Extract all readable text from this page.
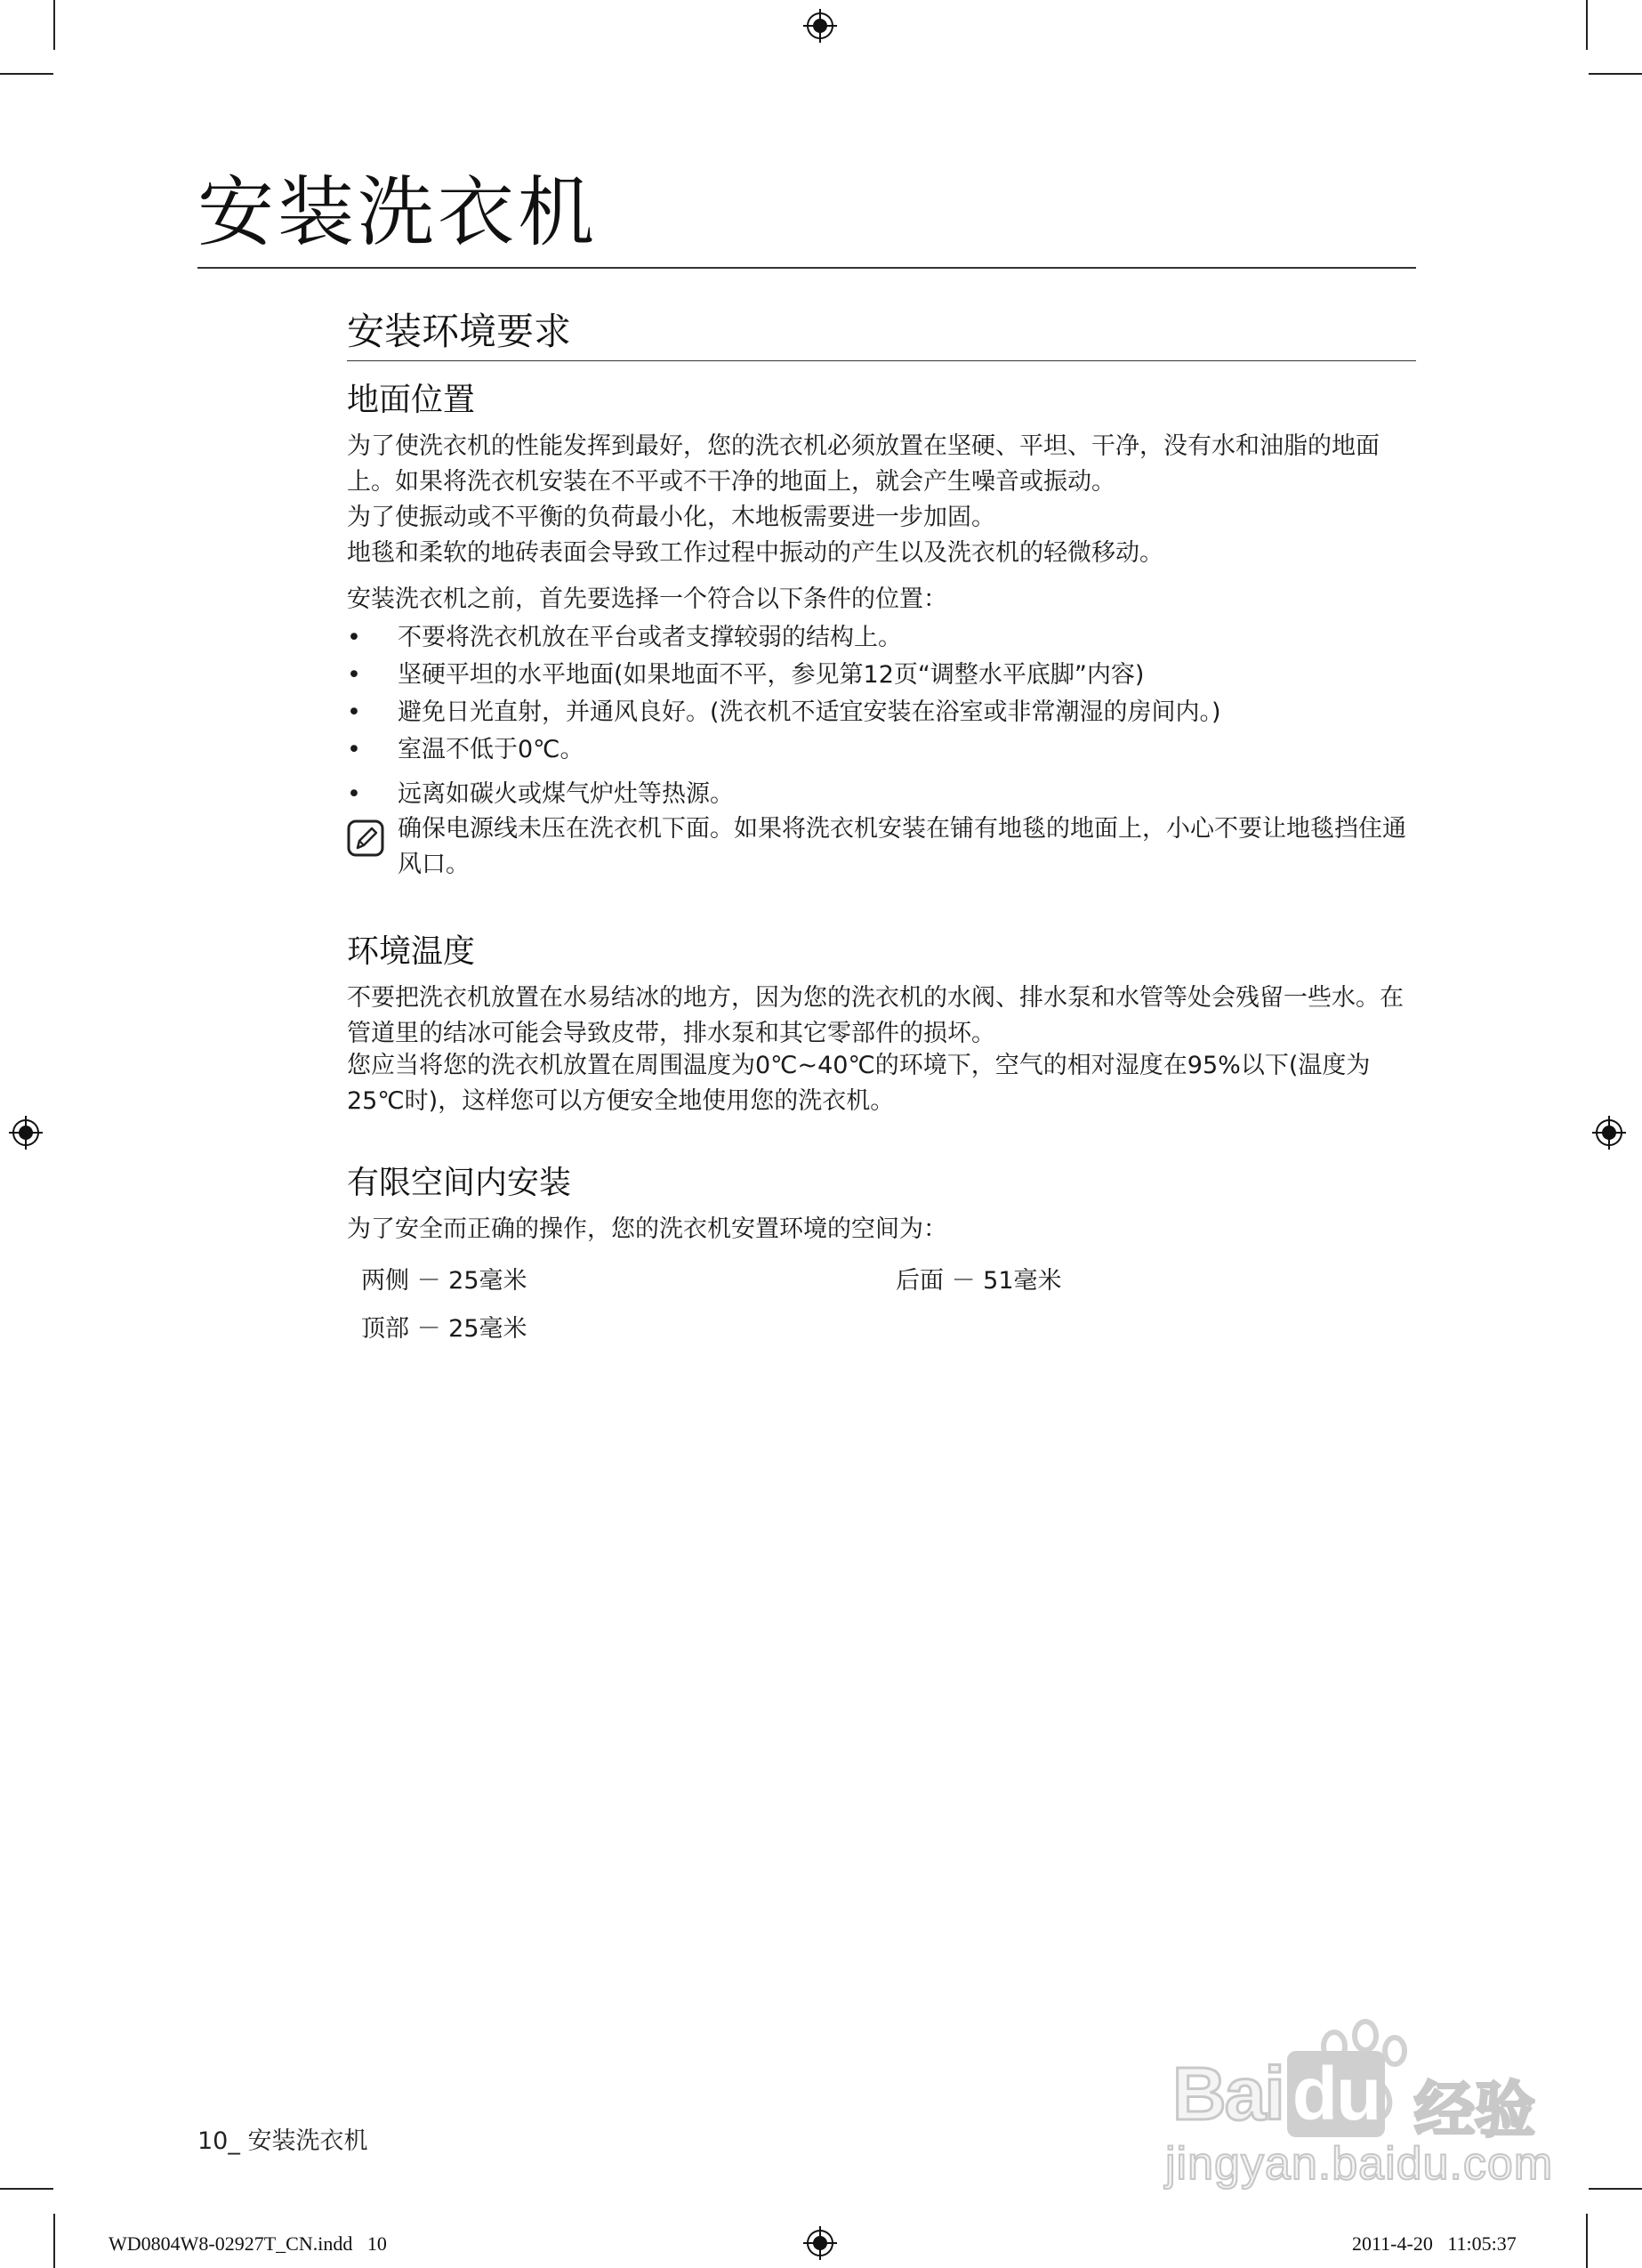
安装洗衣机
安装环境要求
地面位置

为了使洗衣机的性能发挥到最好，您的洗衣机必须放置在坚硬、平坦、干净，没有水和油脂的地面上。如果将洗衣机安装在不平或不干净的地面上，就会产生噪音或振动。

为了使振动或不平衡的负荷最小化，木地板需要进一步加固。

地毯和柔软的地砖表面会导致工作过程中振动的产生以及洗衣机的轻微移动。

安装洗衣机之前，首先要选择一个符合以下条件的位置：

•	不要将洗衣机放在平台或者支撑较弱的结构上。
•	坚硬平坦的水平地面(如果地面不平，参见第12页“调整水平底脚”内容)
•	避免日光直射，并通风良好。(洗衣机不适宜安装在浴室或非常潮湿的房间内。)
•	室温不低于0℃。
•	远离如碳火或煤气炉灶等热源。
确保电源线未压在洗衣机下面。如果将洗衣机安装在铺有地毯的地面上，小心不要让地毯挡住通风口。
环境温度

不要把洗衣机放置在水易结冰的地方，因为您的洗衣机的水阀、排水泵和水管等处会残留一些水。在管道里的结冰可能会导致皮带，排水泵和其它零部件的损坏。

您应当将您的洗衣机放置在周围温度为0℃~40℃的环境下，空气的相对湿度在95%以下(温度为25℃时)，这样您可以方便安全地使用您的洗衣机。

有限空间内安装

为了安全而正确的操作，您的洗衣机安置环境的空间为：

两侧 － 25毫米	后面 － 51毫米
顶部 － 25毫米
10_ 安装洗衣机
WD0804W8-02927T_CN.indd   10	2011-4-20   11:05:37
Bai du 经验
jingyan.baidu.com
